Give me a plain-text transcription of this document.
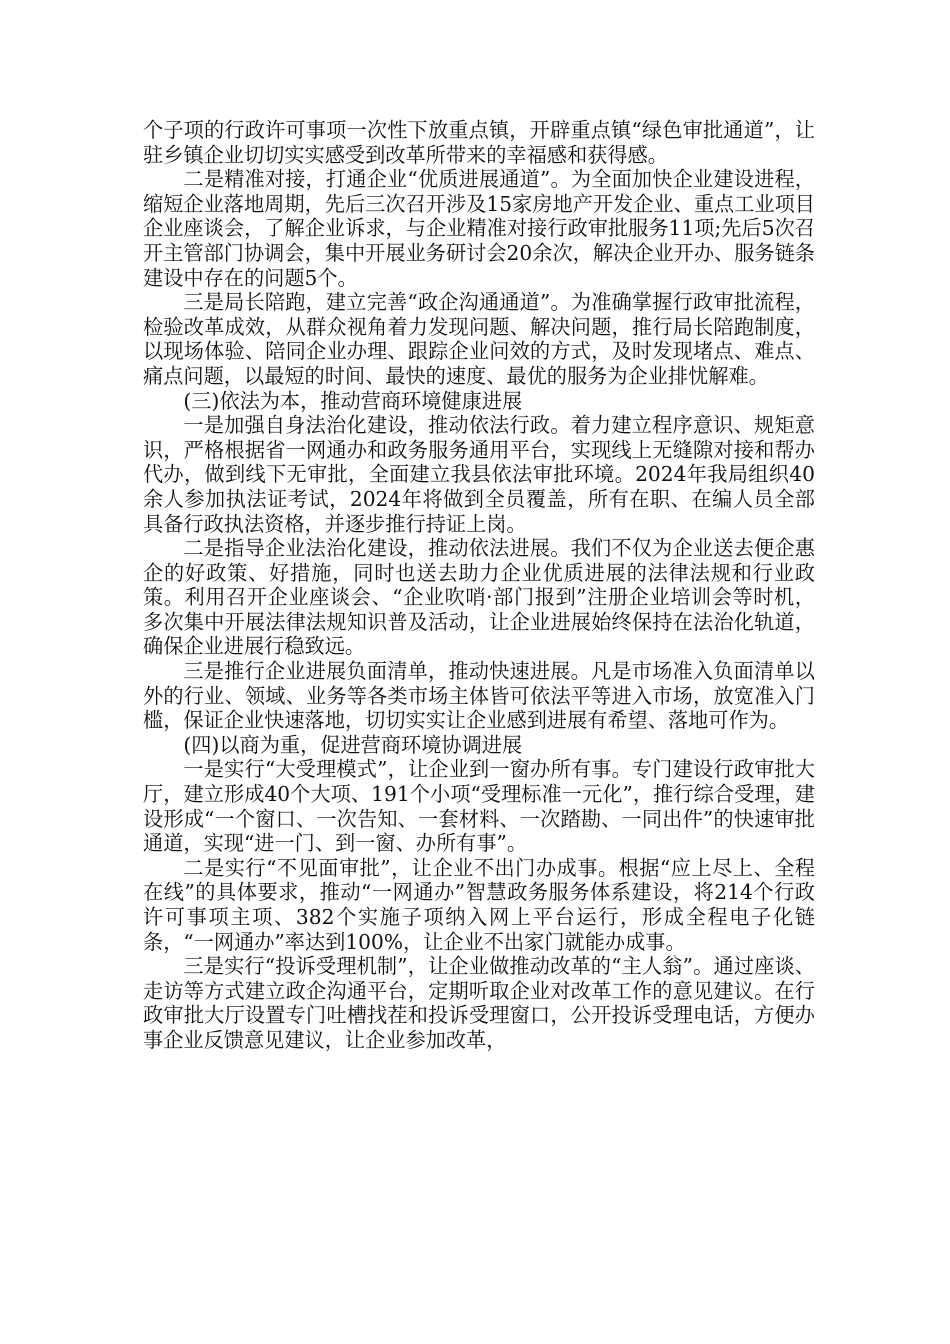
个子项的行政许可事项一次性下放重点镇，开辟重点镇“绿色审批通道”，让驻乡镇企业切切实实感受到改革所带来的幸福感和获得感。

二是精准对接，打通企业“优质进展通道”。为全面加快企业建设进程，缩短企业落地周期，先后三次召开涉及15家房地产开发企业、重点工业项目企业座谈会，了解企业诉求，与企业精准对接行政审批服务11项;先后5次召开主管部门协调会，集中开展业务研讨会20余次，解决企业开办、服务链条建设中存在的问题5个。

三是局长陪跑，建立完善“政企沟通通道”。为准确掌握行政审批流程，检验改革成效，从群众视角着力发现问题、解决问题，推行局长陪跑制度，以现场体验、陪同企业办理、跟踪企业问效的方式，及时发现堵点、难点、痛点问题，以最短的时间、最快的速度、最优的服务为企业排忧解难。

(三)依法为本，推动营商环境健康进展

一是加强自身法治化建设，推动依法行政。着力建立程序意识、规矩意识，严格根据省一网通办和政务服务通用平台，实现线上无缝隙对接和帮办代办，做到线下无审批，全面建立我县依法审批环境。2024年我局组织40余人参加执法证考试，2024年将做到全员覆盖，所有在职、在编人员全部具备行政执法资格，并逐步推行持证上岗。

二是指导企业法治化建设，推动依法进展。我们不仅为企业送去便企惠企的好政策、好措施，同时也送去助力企业优质进展的法律法规和行业政策。利用召开企业座谈会、“企业吹哨·部门报到”注册企业培训会等时机，多次集中开展法律法规知识普及活动，让企业进展始终保持在法治化轨道，确保企业进展行稳致远。

三是推行企业进展负面清单，推动快速进展。凡是市场准入负面清单以外的行业、领域、业务等各类市场主体皆可依法平等进入市场，放宽准入门槛，保证企业快速落地，切切实实让企业感到进展有希望、落地可作为。

(四)以商为重，促进营商环境协调进展

一是实行“大受理模式”，让企业到一窗办所有事。专门建设行政审批大厅，建立形成40个大项、191个小项“受理标准一元化”，推行综合受理，建设形成“一个窗口、一次告知、一套材料、一次踏勘、一同出件”的快速审批通道，实现“进一门、到一窗、办所有事”。

二是实行“不见面审批”，让企业不出门办成事。根据“应上尽上、全程在线”的具体要求，推动“一网通办”智慧政务服务体系建设，将214个行政许可事项主项、382个实施子项纳入网上平台运行，形成全程电子化链条，“一网通办”率达到100%，让企业不出家门就能办成事。

三是实行“投诉受理机制”，让企业做推动改革的“主人翁”。通过座谈、走访等方式建立政企沟通平台，定期听取企业对改革工作的意见建议。在行政审批大厅设置专门吐槽找茬和投诉受理窗口，公开投诉受理电话，方便办事企业反馈意见建议，让企业参加改革，
